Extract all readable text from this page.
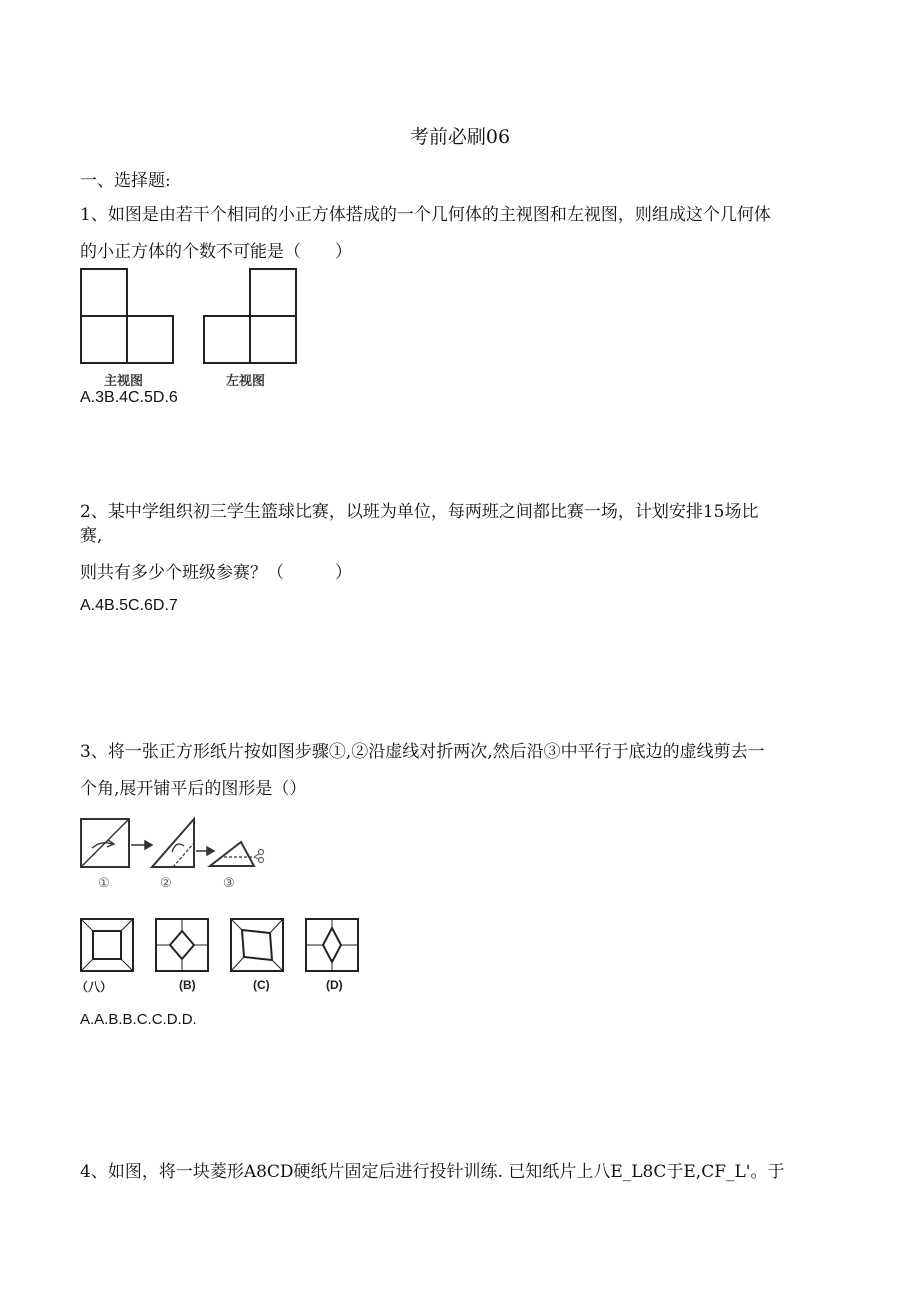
考前必刷06
一、选择题:
1、如图是由若干个相同的小正方体搭成的一个几何体的主视图和左视图，则组成这个几何体
的小正方体的个数不可能是（　　）
主视图	左视图
A.3B.4C.5D.6
2、某中学组织初三学生篮球比赛，以班为单位，每两班之间都比赛一场，计划安排15场比
赛,
则共有多少个班级参赛？（　　　）
A.4B.5C.6D.7
3、将一张正方形纸片按如图步骤①,②沿虚线对折两次,然后沿③中平行于底边的虚线剪去一
个角,展开铺平后的图形是（）
①	②	③
（八）	(B)	(C)	(D)
A.A.B.B.C.C.D.D.
4、如图，将一块菱形A8CD硬纸片固定后进行投针训练. 已知纸片上八E_L8C于E,CF_L'。于
